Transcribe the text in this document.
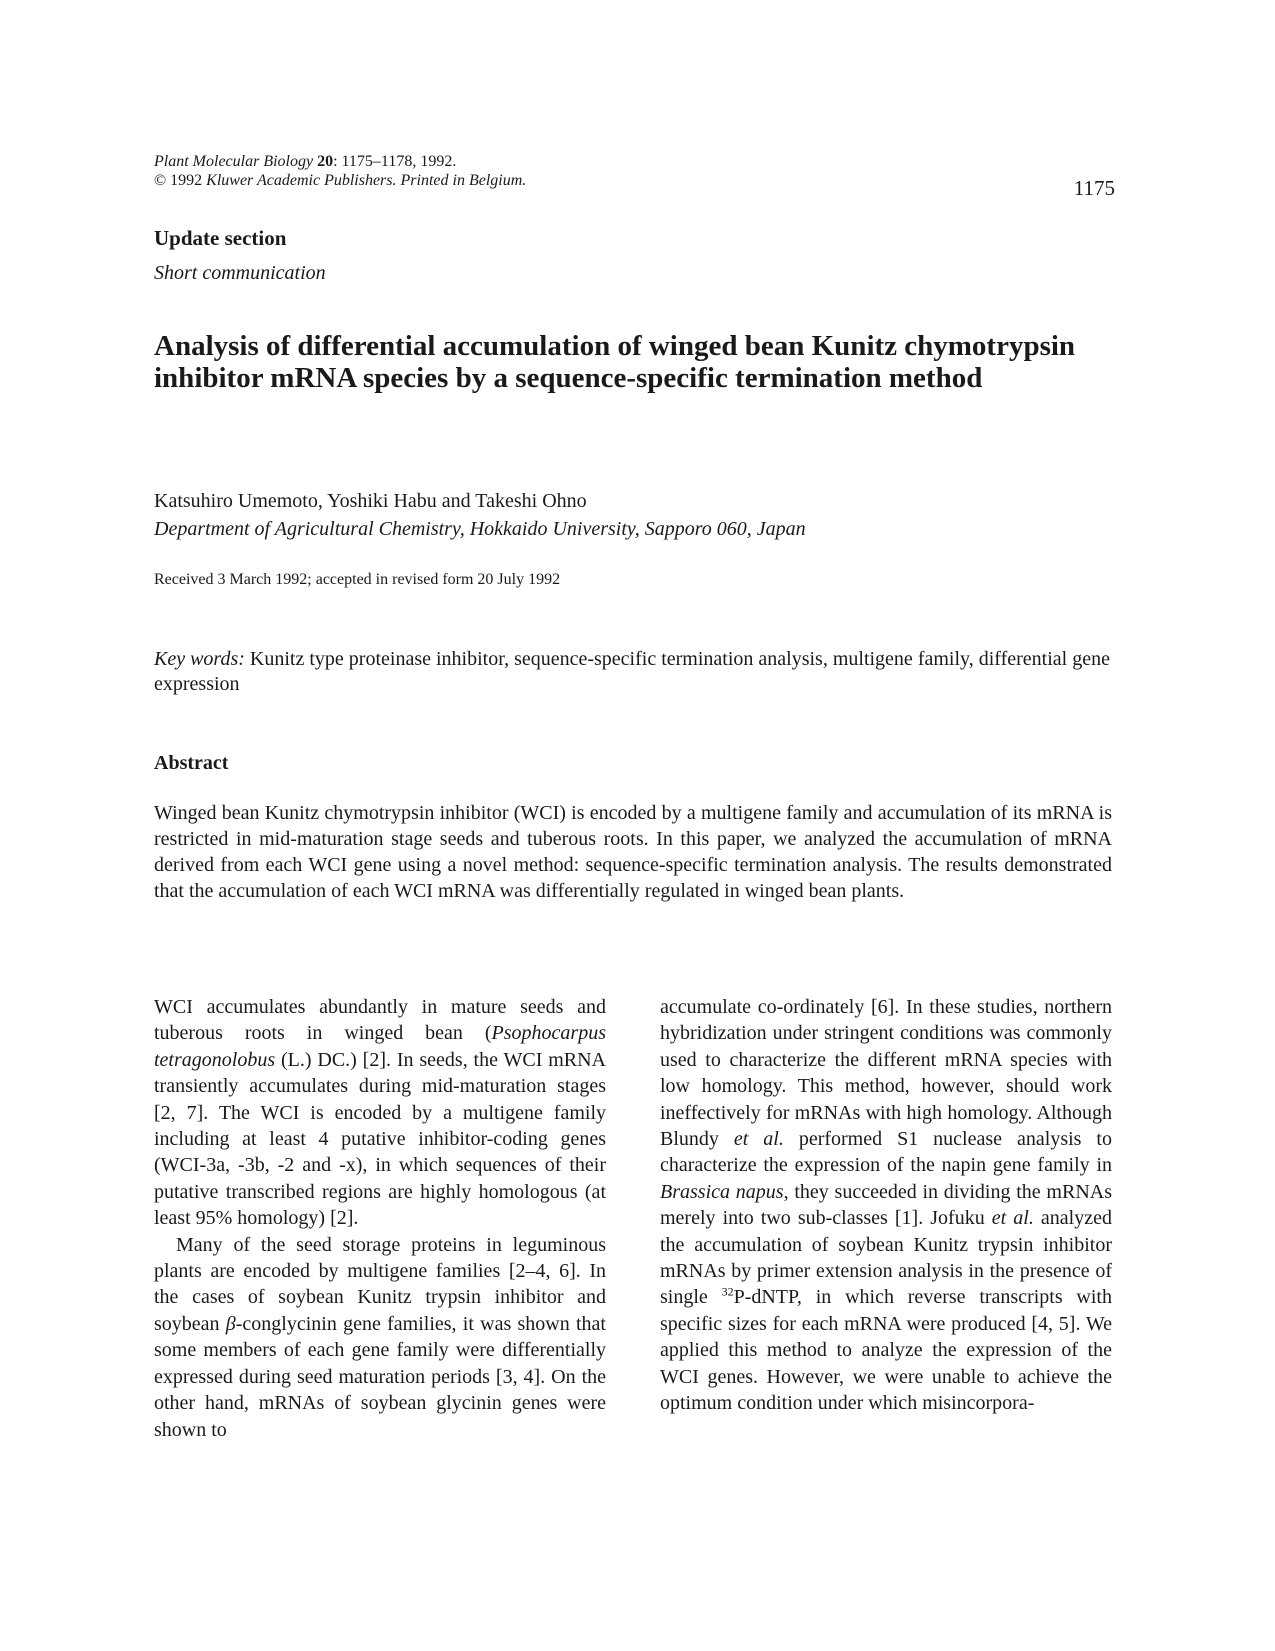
Plant Molecular Biology 20: 1175–1178, 1992.
© 1992 Kluwer Academic Publishers. Printed in Belgium.	1175
Update section
Short communication
Analysis of differential accumulation of winged bean Kunitz chymotrypsin inhibitor mRNA species by a sequence-specific termination method
Katsuhiro Umemoto, Yoshiki Habu and Takeshi Ohno
Department of Agricultural Chemistry, Hokkaido University, Sapporo 060, Japan
Received 3 March 1992; accepted in revised form 20 July 1992
Key words: Kunitz type proteinase inhibitor, sequence-specific termination analysis, multigene family, differential gene expression
Abstract
Winged bean Kunitz chymotrypsin inhibitor (WCI) is encoded by a multigene family and accumulation of its mRNA is restricted in mid-maturation stage seeds and tuberous roots. In this paper, we analyzed the accumulation of mRNA derived from each WCI gene using a novel method: sequence-specific termination analysis. The results demonstrated that the accumulation of each WCI mRNA was differentially regulated in winged bean plants.

WCI accumulates abundantly in mature seeds and tuberous roots in winged bean (Psophocarpus tetragonolobus (L.) DC.) [2]. In seeds, the WCI mRNA transiently accumulates during mid-maturation stages [2, 7]. The WCI is encoded by a multigene family including at least 4 putative inhibitor-coding genes (WCI-3a, -3b, -2 and -x), in which sequences of their putative transcribed regions are highly homologous (at least 95% homology) [2].

Many of the seed storage proteins in leguminous plants are encoded by multigene families [2–4, 6]. In the cases of soybean Kunitz trypsin inhibitor and soybean β-conglycinin gene families, it was shown that some members of each gene family were differentially expressed during seed maturation periods [3, 4]. On the other hand, mRNAs of soybean glycinin genes were shown to

accumulate co-ordinately [6]. In these studies, northern hybridization under stringent conditions was commonly used to characterize the different mRNA species with low homology. This method, however, should work ineffectively for mRNAs with high homology. Although Blundy et al. performed S1 nuclease analysis to characterize the expression of the napin gene family in Brassica napus, they succeeded in dividing the mRNAs merely into two sub-classes [1]. Jofuku et al. analyzed the accumulation of soybean Kunitz trypsin inhibitor mRNAs by primer extension analysis in the presence of single $^{32}$P-dNTP, in which reverse transcripts with specific sizes for each mRNA were produced [4, 5]. We applied this method to analyze the expression of the WCI genes. However, we were unable to achieve the optimum condition under which misincorpora-
